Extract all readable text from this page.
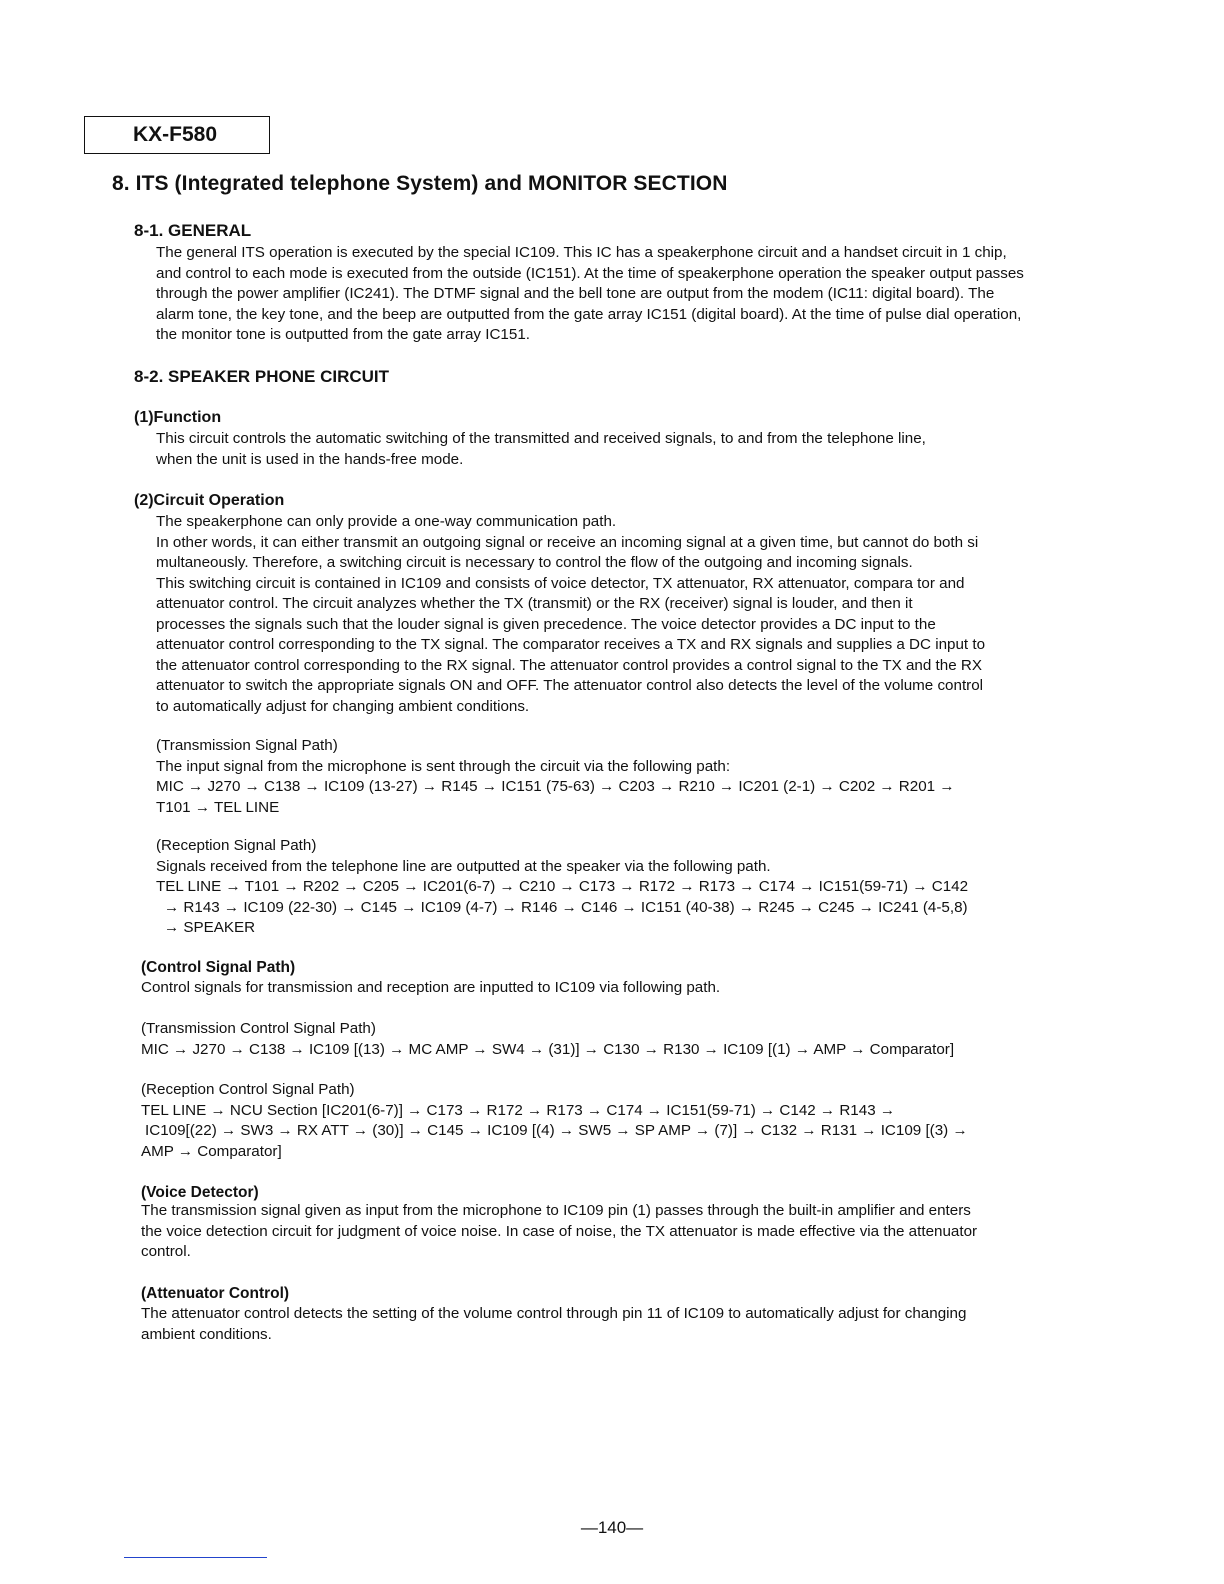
KX-F580
8. ITS (Integrated telephone System) and MONITOR SECTION
8-1. GENERAL
The general ITS operation is executed by the special IC109. This IC has a speakerphone circuit and a handset circuit in 1 chip,
and control to each mode is executed from the outside (IC151). At the time of speakerphone operation the speaker output passes
through the power amplifier (IC241). The DTMF signal and the bell tone are output from the modem (IC11: digital board). The
alarm tone, the key tone, and the beep are outputted from the gate array IC151 (digital board). At the time of pulse dial operation,
the monitor tone is outputted from the gate array IC151.
8-2. SPEAKER PHONE CIRCUIT
(1)Function
This circuit controls the automatic switching of the transmitted and received signals, to and from the telephone line,
when the unit is used in the hands-free mode.
(2)Circuit Operation
The speakerphone can only provide a one-way communication path.
In other words, it can either transmit an outgoing signal or receive an incoming signal at a given time, but cannot do both si
multaneously. Therefore, a switching circuit is necessary to control the flow of the outgoing and incoming signals.
This switching circuit is contained in IC109 and consists of voice detector, TX attenuator, RX attenuator, compara tor and
attenuator control. The circuit analyzes whether the TX (transmit) or the RX (receiver) signal is louder, and then it
processes the signals such that the louder signal is given precedence. The voice detector provides a DC input to the
attenuator control corresponding to the TX signal. The comparator receives a TX and RX signals and supplies a DC input to
the attenuator control corresponding to the RX signal. The attenuator control provides a control signal to the TX and the RX
attenuator to switch the appropriate signals ON and OFF. The attenuator control also detects the level of the volume control
to automatically adjust for changing ambient conditions.
(Transmission Signal Path)
The input signal from the microphone is sent through the circuit via the following path:
MIC → J270 → C138 → IC109 (13-27) → R145 → IC151 (75-63) → C203 → R210 → IC201 (2-1) → C202 → R201 →
T101 → TEL LINE
(Reception Signal Path)
Signals received from the telephone line are outputted at the speaker via the following path.
TEL LINE → T101 → R202 → C205 → IC201(6-7) → C210 → C173 → R172 → R173 → C174 → IC151(59-71) → C142
→ R143 → IC109 (22-30) → C145 → IC109 (4-7) → R146 → C146 → IC151 (40-38) → R245 → C245 → IC241 (4-5,8)
→ SPEAKER
(Control Signal Path)
Control signals for transmission and reception are inputted to IC109 via following path.
(Transmission Control Signal Path)
MIC → J270 → C138 → IC109 [(13) → MC AMP → SW4 → (31)] → C130 → R130 → IC109 [(1) → AMP → Comparator]
(Reception Control Signal Path)
TEL LINE → NCU Section [IC201(6-7)] → C173 → R172 → R173 → C174 → IC151(59-71) → C142 → R143 →
IC109[(22) → SW3 → RX ATT → (30)] → C145 → IC109 [(4) → SW5 → SP AMP → (7)] → C132 → R131 → IC109 [(3) →
AMP → Comparator]
(Voice Detector)
The transmission signal given as input from the microphone to IC109 pin (1) passes through the built-in amplifier and enters
the voice detection circuit for judgment of voice noise. In case of noise, the TX attenuator is made effective via the attenuator
control.
(Attenuator Control)
The attenuator control detects the setting of the volume control through pin 11 of IC109 to automatically adjust for changing
ambient conditions.
—140—
